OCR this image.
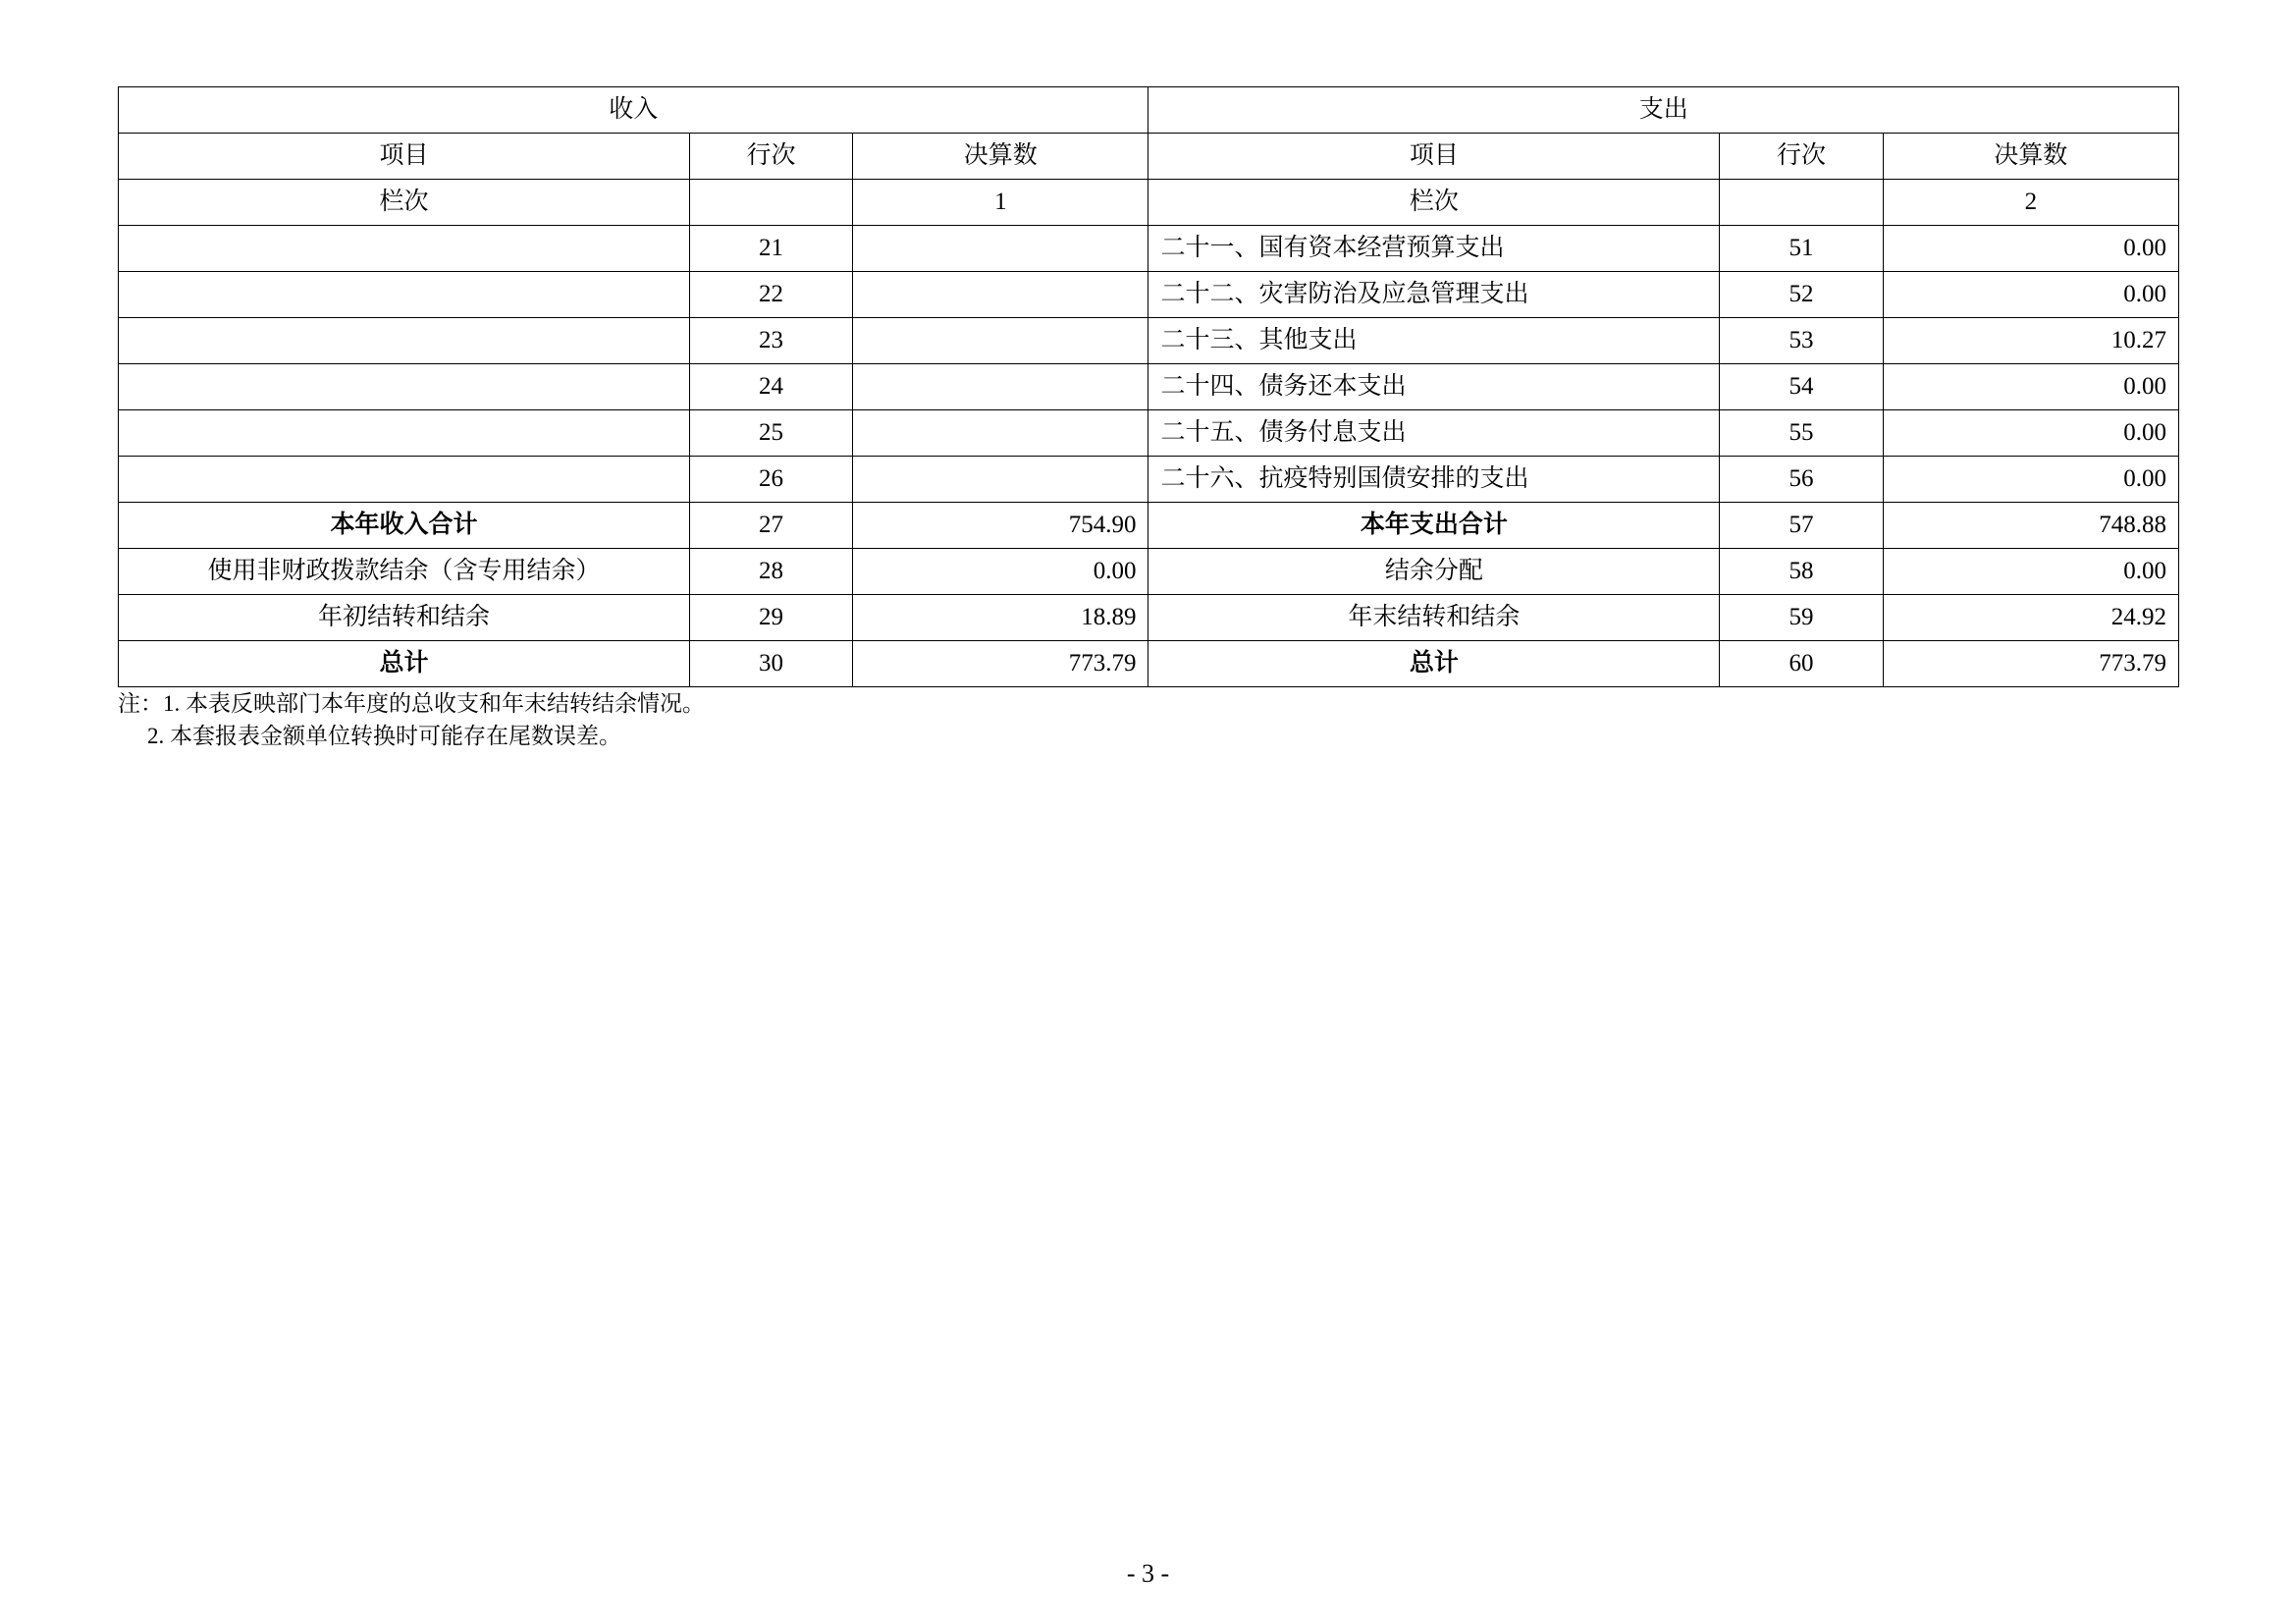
收入			支出		
项目	行次	决算数	项目	行次	决算数
栏次		1	栏次		2
	21		二十一、国有资本经营预算支出	51	0.00
	22		二十二、灾害防治及应急管理支出	52	0.00
	23		二十三、其他支出	53	10.27
	24		二十四、债务还本支出	54	0.00
	25		二十五、债务付息支出	55	0.00
	26		二十六、抗疫特别国债安排的支出	56	0.00
本年收入合计	27	754.90	本年支出合计	57	748.88
使用非财政拨款结余（含专用结余）	28	0.00	结余分配	58	0.00
年初结转和结余	29	18.89	年末结转和结余	59	24.92
总计	30	773.79	总计	60	773.79
注：1. 本表反映部门本年度的总收支和年末结转结余情况。
2. 本套报表金额单位转换时可能存在尾数误差。
- 3 -
